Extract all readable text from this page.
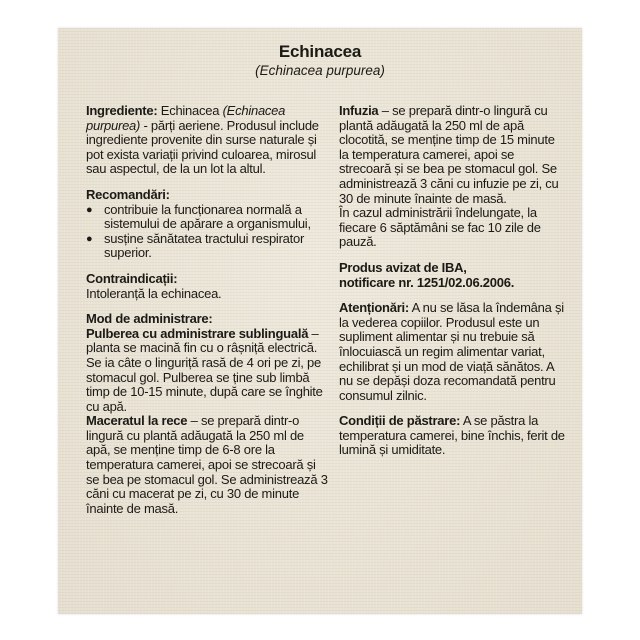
Echinacea
(Echinacea purpurea)

Ingrediente: Echinacea (Echinacea purpurea) - părți aeriene. Produsul include ingrediente provenite din surse naturale și pot exista variații privind culoarea, mirosul sau aspectul, de la un lot la altul.

Recomandări:

● contribuie la funcționarea normală a sistemului de apărare a organismului,
● susține sănătatea tractului respirator superior.

Contraindicații:

Intoleranță la echinacea.

Mod de administrare:

Pulberea cu administrare sublinguală – planta se macină fin cu o râșniță electrică. Se ia câte o linguriță rasă de 4 ori pe zi, pe stomacul gol. Pulberea se ține sub limbă timp de 10-15 minute, după care se înghite cu apă.

Maceratul la rece – se prepară dintr-o lingură cu plantă adăugată la 250 ml de apă, se menține timp de 6-8 ore la temperatura camerei, apoi se strecoară și se bea pe stomacul gol. Se administrează 3 căni cu macerat pe zi, cu 30 de minute înainte de masă.

Infuzia – se prepară dintr-o lingură cu plantă adăugată la 250 ml de apă clocotită, se menține timp de 15 minute la temperatura camerei, apoi se strecoară și se bea pe stomacul gol. Se administrează 3 căni cu infuzie pe zi, cu 30 de minute înainte de masă.

În cazul administrării îndelungate, la fiecare 6 săptămâni se fac 10 zile de pauză.

Produs avizat de IBA,

notificare nr. 1251/02.06.2006.

Atenționări: A nu se lăsa la îndemâna și la vederea copiilor. Produsul este un supliment alimentar și nu trebuie să înlocuiască un regim alimentar variat, echilibrat și un mod de viață sănătos. A nu se depăși doza recomandată pentru consumul zilnic.

Condiții de păstrare: A se păstra la temperatura camerei, bine închis, ferit de lumină și umiditate.
